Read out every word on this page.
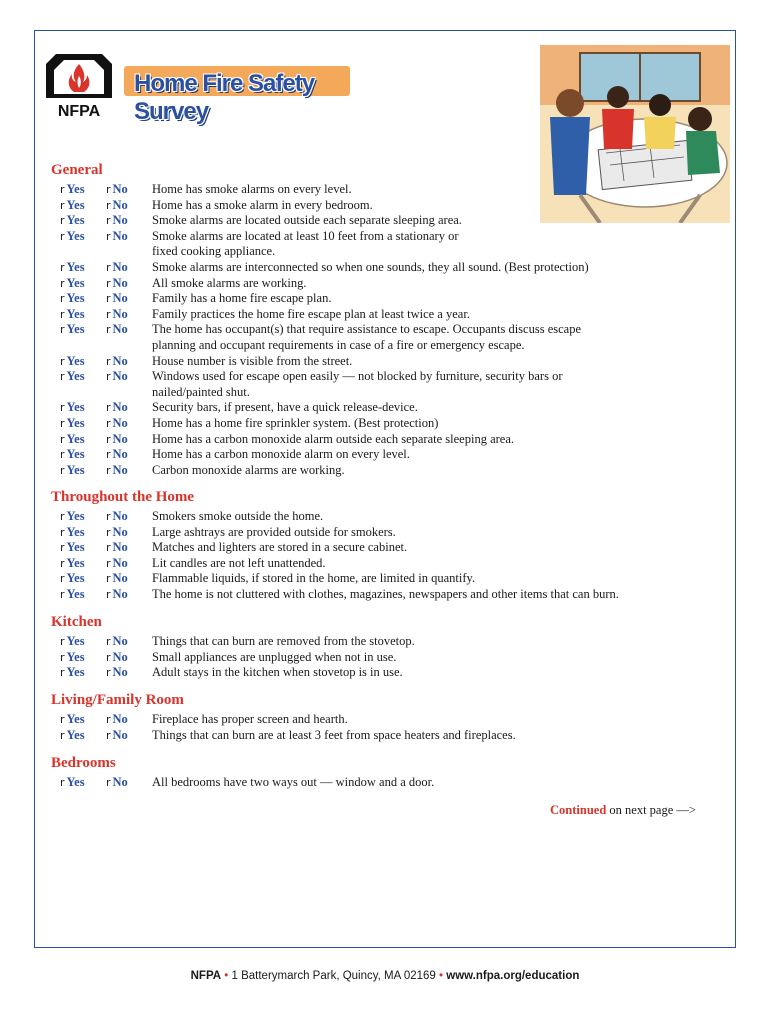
NFPA
Home Fire Safety Survey
General
r Yes r No Home has smoke alarms on every level.
r Yes r No Home has a smoke alarm in every bedroom.
r Yes r No Smoke alarms are located outside each separate sleeping area.
r Yes r No Smoke alarms are located at least 10 feet from a stationary or
fixed cooking appliance.
r Yes r No Smoke alarms are interconnected so when one sounds, they all sound. (Best protection)
r Yes r No All smoke alarms are working.
r Yes r No Family has a home fire escape plan.
r Yes r No Family practices the home fire escape plan at least twice a year.
r Yes r No The home has occupant(s) that require assistance to escape. Occupants discuss escape
planning and occupant requirements in case of a fire or emergency escape.
r Yes r No House number is visible from the street.
r Yes r No Windows used for escape open easily — not blocked by furniture, security bars or
nailed/painted shut.
r Yes r No Security bars, if present, have a quick release-device.
r Yes r No Home has a home fire sprinkler system. (Best protection)
r Yes r No Home has a carbon monoxide alarm outside each separate sleeping area.
r Yes r No Home has a carbon monoxide alarm on every level.
r Yes r No Carbon monoxide alarms are working.
Throughout the Home
r Yes r No Smokers smoke outside the home.
r Yes r No Large ashtrays are provided outside for smokers.
r Yes r No Matches and lighters are stored in a secure cabinet.
r Yes r No Lit candles are not left unattended.
r Yes r No Flammable liquids, if stored in the home, are limited in quantify.
r Yes r No The home is not cluttered with clothes, magazines, newspapers and other items that can burn.
Kitchen
r Yes r No Things that can burn are removed from the stovetop.
r Yes r No Small appliances are unplugged when not in use.
r Yes r No Adult stays in the kitchen when stovetop is in use.
Living/Family Room
r Yes r No Fireplace has proper screen and hearth.
r Yes r No Things that can burn are at least 3 feet from space heaters and fireplaces.
Bedrooms
r Yes r No All bedrooms have two ways out — window and a door.
Continued on next page —>
NFPA • 1 Batterymarch Park, Quincy, MA 02169 • www.nfpa.org/education
